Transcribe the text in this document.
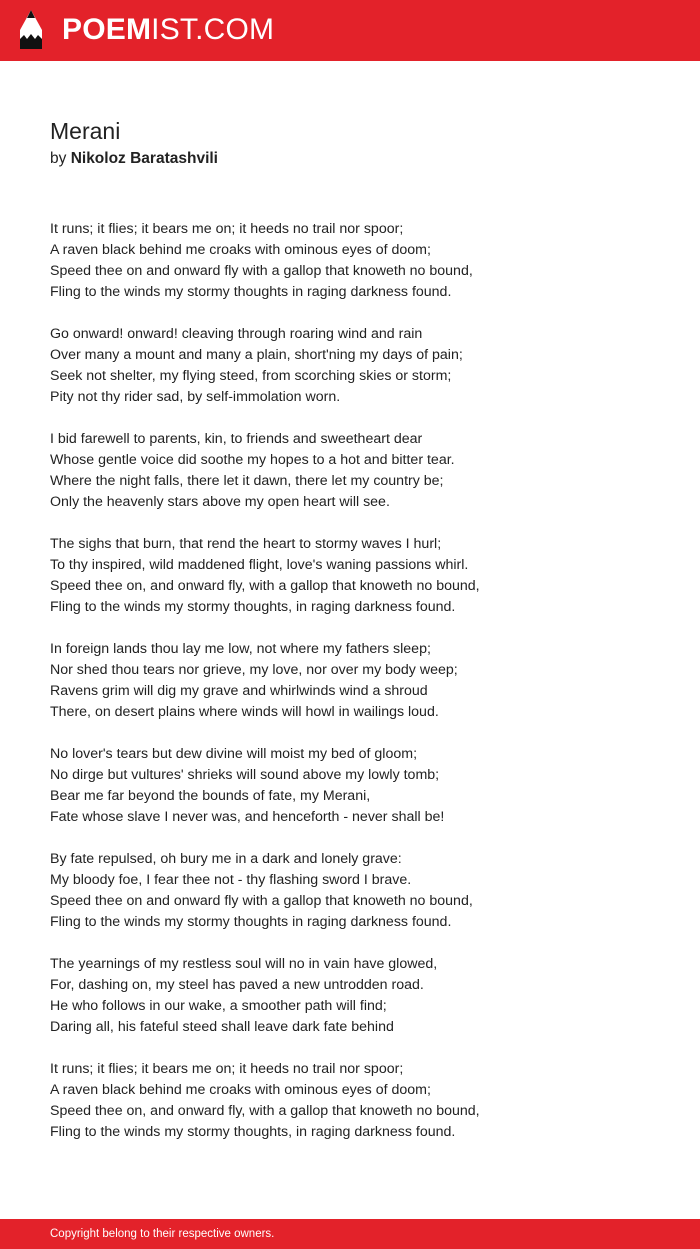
POEMIST.COM
Merani
by Nikoloz Baratashvili
It runs; it flies; it bears me on; it heeds no trail nor spoor;
A raven black behind me croaks with ominous eyes of doom;
Speed thee on and onward fly with a gallop that knoweth no bound,
Fling to the winds my stormy thoughts in raging darkness found.
Go onward! onward! cleaving through roaring wind and rain
Over many a mount and many a plain, short'ning my days of pain;
Seek not shelter, my flying steed, from scorching skies or storm;
Pity not thy rider sad, by self-immolation worn.
I bid farewell to parents, kin, to friends and sweetheart dear
Whose gentle voice did soothe my hopes to a hot and bitter tear.
Where the night falls, there let it dawn, there let my country be;
Only the heavenly stars above my open heart will see.
The sighs that burn, that rend the heart to stormy waves I hurl;
To thy inspired, wild maddened flight, love's waning passions whirl.
Speed thee on, and onward fly, with a gallop that knoweth no bound,
Fling to the winds my stormy thoughts, in raging darkness found.
In foreign lands thou lay me low, not where my fathers sleep;
Nor shed thou tears nor grieve, my love, nor over my body weep;
Ravens grim will dig my grave and whirlwinds wind a shroud
There, on desert plains where winds will howl in wailings loud.
No lover's tears but dew divine will moist my bed of gloom;
No dirge but vultures' shrieks will sound above my lowly tomb;
Bear me far beyond the bounds of fate, my Merani,
Fate whose slave I never was, and henceforth - never shall be!
By fate repulsed, oh bury me in a dark and lonely grave:
My bloody foe, I fear thee not - thy flashing sword I brave.
Speed thee on and onward fly with a gallop that knoweth no bound,
Fling to the winds my stormy thoughts in raging darkness found.
The yearnings of my restless soul will no in vain have glowed,
For, dashing on, my steel has paved a new untrodden road.
He who follows in our wake, a smoother path will find;
Daring all, his fateful steed shall leave dark fate behind
It runs; it flies; it bears me on; it heeds no trail nor spoor;
A raven black behind me croaks with ominous eyes of doom;
Speed thee on, and onward fly, with a gallop that knoweth no bound,
Fling to the winds my stormy thoughts, in raging darkness found.
Copyright belong to their respective owners.
